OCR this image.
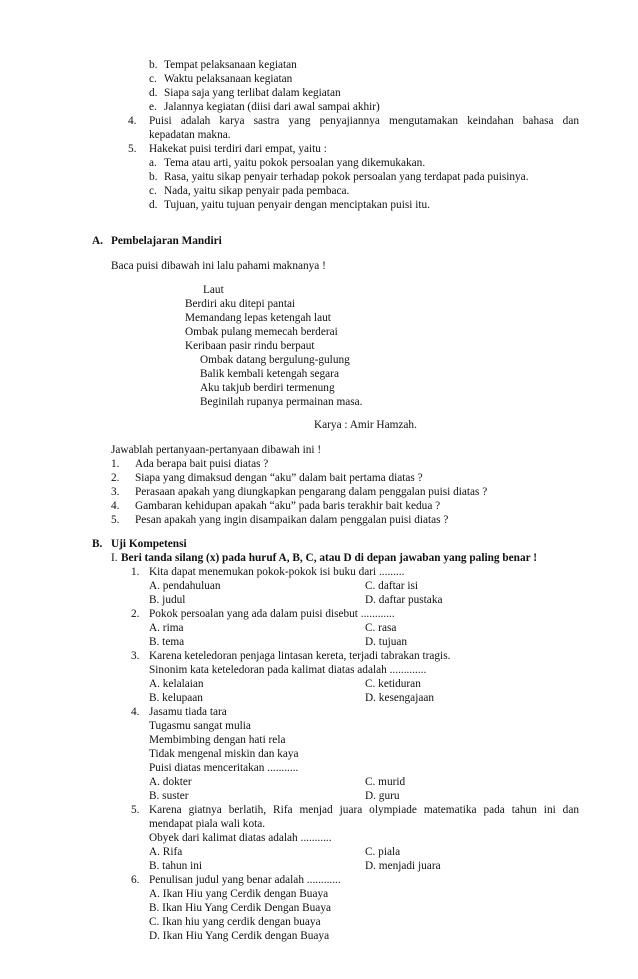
b. Tempat pelaksanaan kegiatan
c. Waktu pelaksanaan kegiatan
d. Siapa saja yang terlibat dalam kegiatan
e. Jalannya kegiatan (diisi dari awal sampai akhir)
4. Puisi adalah karya sastra yang penyajiannya mengutamakan keindahan bahasa dan
kepadatan makna.
5. Hakekat puisi terdiri dari empat, yaitu :
a. Tema atau arti, yaitu pokok persoalan yang dikemukakan.
b. Rasa, yaitu sikap penyair terhadap pokok persoalan yang terdapat pada puisinya.
c. Nada, yaitu sikap penyair pada pembaca.
d. Tujuan, yaitu tujuan penyair dengan menciptakan puisi itu.
A. Pembelajaran Mandiri
Baca puisi dibawah ini lalu pahami maknanya !
Laut
Berdiri aku ditepi pantai
Memandang lepas ketengah laut
Ombak pulang memecah berderai
Keribaan pasir rindu berpaut
Ombak datang bergulung-gulung
Balik kembali ketengah segara
Aku takjub berdiri termenung
Beginilah rupanya permainan masa.
Karya : Amir Hamzah.
Jawablah pertanyaan-pertanyaan dibawah ini !
1. Ada berapa bait puisi diatas ?
2. Siapa yang dimaksud dengan “aku” dalam bait pertama diatas ?
3. Perasaan apakah yang diungkapkan pengarang dalam penggalan puisi diatas ?
4. Gambaran kehidupan apakah “aku” pada baris terakhir bait kedua ?
5. Pesan apakah yang ingin disampaikan dalam penggalan puisi diatas ?
B. Uji Kompetensi
I. Beri tanda silang (x) pada huruf A, B, C, atau D di depan jawaban yang paling benar !
1. Kita dapat menemukan pokok-pokok isi buku dari .........
A. pendahuluan	C. daftar isi
B. judul	D. daftar pustaka
2. Pokok persoalan yang ada dalam puisi disebut ............
A. rima	C. rasa
B. tema	D. tujuan
3. Karena keteledoran penjaga lintasan kereta, terjadi tabrakan tragis.
Sinonim kata keteledoran pada kalimat diatas adalah .............
A. kelalaian	C. ketiduran
B. kelupaan	D. kesengajaan
4. Jasamu tiada tara
Tugasmu sangat mulia
Membimbing dengan hati rela
Tidak mengenal miskin dan kaya
Puisi diatas menceritakan ...........
A. dokter	C. murid
B. suster	D. guru
5. Karena giatnya berlatih, Rifa menjad juara olympiade matematika pada tahun ini dan
mendapat piala wali kota.
Obyek dari kalimat diatas adalah ...........
A. Rifa	C. piala
B. tahun ini	D. menjadi juara
6. Penulisan judul yang benar adalah ............
A. Ikan Hiu yang Cerdik dengan Buaya
B. Ikan Hiu Yang Cerdik Dengan Buaya
C. Ikan hiu yang cerdik dengan buaya
D. Ikan Hiu Yang Cerdik dengan Buaya
